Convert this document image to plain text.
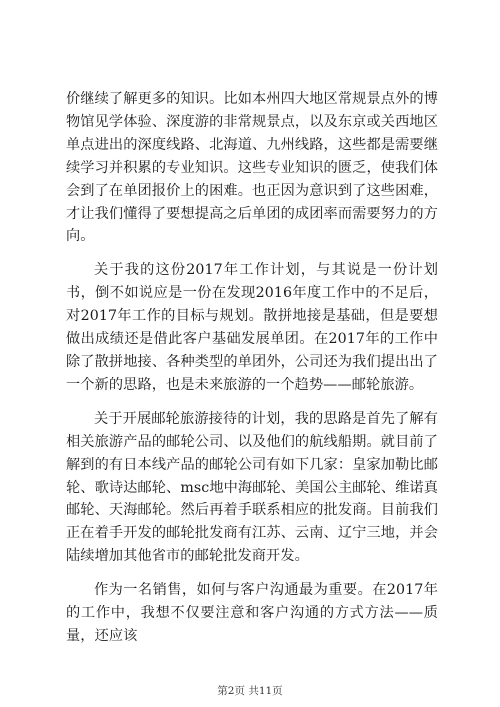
价继续了解更多的知识。比如本州四大地区常规景点外的博物馆见学体验、深度游的非常规景点，以及东京或关西地区单点进出的深度线路、北海道、九州线路，这些都是需要继续学习并积累的专业知识。这些专业知识的匮乏，使我们体会到了在单团报价上的困难。也正因为意识到了这些困难，才让我们懂得了要想提高之后单团的成团率而需要努力的方向。

关于我的这份2017年工作计划，与其说是一份计划书，倒不如说应是一份在发现2016年度工作中的不足后，对2017年工作的目标与规划。散拼地接是基础，但是要想做出成绩还是借此客户基础发展单团。在2017年的工作中除了散拼地接、各种类型的单团外，公司还为我们提出出了一个新的思路，也是未来旅游的一个趋势——邮轮旅游。

关于开展邮轮旅游接待的计划，我的思路是首先了解有相关旅游产品的邮轮公司、以及他们的航线船期。就目前了解到的有日本线产品的邮轮公司有如下几家：皇家加勒比邮轮、歌诗达邮轮、msc地中海邮轮、美国公主邮轮、维诺真邮轮、天海邮轮。然后再着手联系相应的批发商。目前我们正在着手开发的邮轮批发商有江苏、云南、辽宁三地，并会陆续增加其他省市的邮轮批发商开发。

作为一名销售，如何与客户沟通最为重要。在2017年的工作中，我想不仅要注意和客户沟通的方式方法——质量，还应该

第2页 共11页
